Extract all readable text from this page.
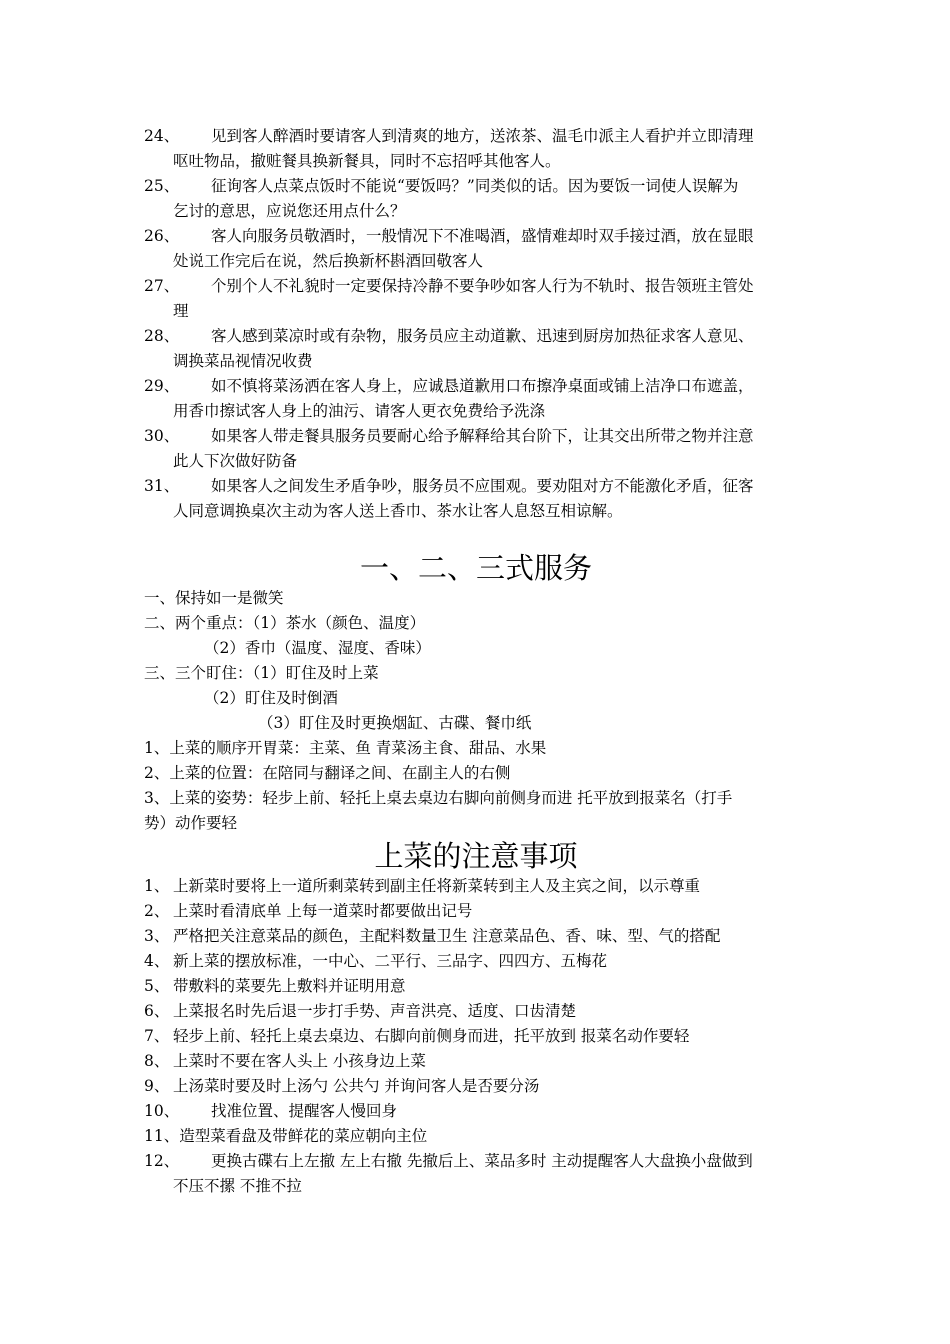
24、	见到客人醉酒时要请客人到清爽的地方，送浓茶、温毛巾派主人看护并立即清理
呕吐物品，撤赃餐具换新餐具，同时不忘招呼其他客人。
25、	征询客人点菜点饭时不能说“要饭吗？”同类似的话。因为要饭一词使人误解为
乞讨的意思，应说您还用点什么？
26、	客人向服务员敬酒时，一般情况下不准喝酒，盛情难却时双手接过酒，放在显眼
处说工作完后在说，然后换新杯斟酒回敬客人
27、	个别个人不礼貌时一定要保持冷静不要争吵如客人行为不轨时、报告领班主管处
理
28、	客人感到菜凉时或有杂物，服务员应主动道歉、迅速到厨房加热征求客人意见、
调换菜品视情况收费
29、	如不慎将菜汤洒在客人身上，应诚恳道歉用口布擦净桌面或铺上洁净口布遮盖，
用香巾擦试客人身上的油污、请客人更衣免费给予洗涤
30、	如果客人带走餐具服务员要耐心给予解释给其台阶下，让其交出所带之物并注意
此人下次做好防备
31、	如果客人之间发生矛盾争吵，服务员不应围观。要劝阻对方不能激化矛盾，征客
人同意调换桌次主动为客人送上香巾、茶水让客人息怒互相谅解。
一、二、三式服务
一、保持如一是微笑
二、两个重点：（1）茶水（颜色、温度）
（2）香巾（温度、湿度、香味）
三、三个盯住：（1）盯住及时上菜
（2）盯住及时倒酒
（3）盯住及时更换烟缸、古碟、餐巾纸
1、上菜的顺序开胃菜：主菜、鱼 青菜汤主食、甜品、水果
2、上菜的位置：在陪同与翻译之间、在副主人的右侧
3、上菜的姿势：轻步上前、轻托上桌去桌边右脚向前侧身而进 托平放到报菜名（打手
势）动作要轻
上菜的注意事项
1、 上新菜时要将上一道所剩菜转到副主任将新菜转到主人及主宾之间，以示尊重
2、 上菜时看清底单 上每一道菜时都要做出记号
3、 严格把关注意菜品的颜色，主配料数量卫生 注意菜品色、香、味、型、气的搭配
4、 新上菜的摆放标准，一中心、二平行、三品字、四四方、五梅花
5、 带敷料的菜要先上敷料并证明用意
6、 上菜报名时先后退一步打手势、声音洪亮、适度、口齿清楚
7、 轻步上前、轻托上桌去桌边、右脚向前侧身而进，托平放到 报菜名动作要轻
8、 上菜时不要在客人头上 小孩身边上菜
9、 上汤菜时要及时上汤勺 公共勺 并询问客人是否要分汤
10、	找准位置、提醒客人慢回身
11、造型菜看盘及带鲜花的菜应朝向主位
12、	更换古碟右上左撤 左上右撤 先撤后上、菜品多时 主动提醒客人大盘换小盘做到
不压不摞 不推不拉
